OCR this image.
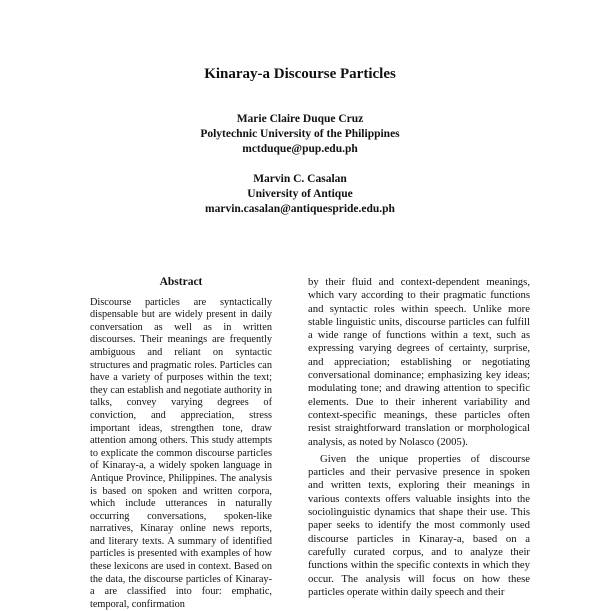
Kinaray-a Discourse Particles
Marie Claire Duque Cruz
Polytechnic University of the Philippines
mctduque@pup.edu.ph
Marvin C. Casalan
University of Antique
marvin.casalan@antiquespride.edu.ph
Abstract

Discourse particles are syntactically dispensable but are widely present in daily conversation as well as in written discourses. Their meanings are frequently ambiguous and reliant on syntactic structures and pragmatic roles. Particles can have a variety of purposes within the text; they can establish and negotiate authority in talks, convey varying degrees of conviction, and appreciation, stress important ideas, strengthen tone, draw attention among others. This study attempts to explicate the common discourse particles of Kinaray-a, a widely spoken language in Antique Province, Philippines. The analysis is based on spoken and written corpora, which include utterances in naturally occurring conversations, spoken-like narratives, Kinaray online news reports, and literary texts. A summary of identified particles is presented with examples of how these lexicons are used in context. Based on the data, the discourse particles of Kinaray-a are classified into four: emphatic, temporal, confirmation

by their fluid and context-dependent meanings, which vary according to their pragmatic functions and syntactic roles within speech. Unlike more stable linguistic units, discourse particles can fulfill a wide range of functions within a text, such as expressing varying degrees of certainty, surprise, and appreciation; establishing or negotiating conversational dominance; emphasizing key ideas; modulating tone; and drawing attention to specific elements. Due to their inherent variability and context-specific meanings, these particles often resist straightforward translation or morphological analysis, as noted by Nolasco (2005).

Given the unique properties of discourse particles and their pervasive presence in spoken and written texts, exploring their meanings in various contexts offers valuable insights into the sociolinguistic dynamics that shape their use. This paper seeks to identify the most commonly used discourse particles in Kinaray-a, based on a carefully curated corpus, and to analyze their functions within the specific contexts in which they occur. The analysis will focus on how these particles operate within daily speech and their
